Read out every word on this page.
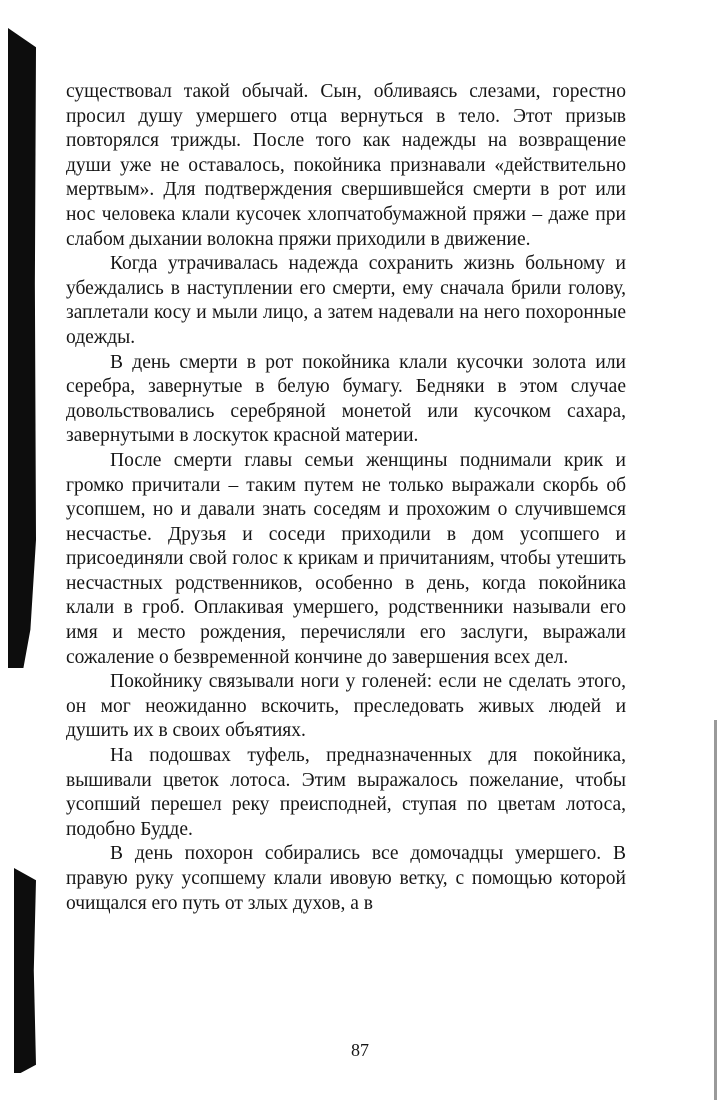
существовал такой обычай. Сын, обливаясь слезами, горестно просил душу умершего отца вернуться в тело. Этот призыв повторялся трижды. После того как надежды на возвращение души уже не оставалось, покойника признавали «действительно мертвым». Для подтверждения свершившейся смерти в рот или нос человека клали кусочек хлопчатобумажной пряжи – даже при слабом дыхании волокна пряжи приходили в движение.

Когда утрачивалась надежда сохранить жизнь больному и убеждались в наступлении его смерти, ему сначала брили голову, заплетали косу и мыли лицо, а затем надевали на него похоронные одежды.

В день смерти в рот покойника клали кусочки золота или серебра, завернутые в белую бумагу. Бедняки в этом случае довольствовались серебряной монетой или кусочком сахара, завернутыми в лоскуток красной материи.

После смерти главы семьи женщины поднимали крик и громко причитали – таким путем не только выражали скорбь об усопшем, но и давали знать соседям и прохожим о случившемся несчастье. Друзья и соседи приходили в дом усопшего и присоединяли свой голос к крикам и причитаниям, чтобы утешить несчастных родственников, особенно в день, когда покойника клали в гроб. Оплакивая умершего, родственники называли его имя и место рождения, перечисляли его заслуги, выражали сожаление о безвременной кончине до завершения всех дел.

Покойнику связывали ноги у голеней: если не сделать этого, он мог неожиданно вскочить, преследовать живых людей и душить их в своих объятиях.

На подошвах туфель, предназначенных для покойника, вышивали цветок лотоса. Этим выражалось пожелание, чтобы усопший перешел реку преисподней, ступая по цветам лотоса, подобно Будде.

В день похорон собирались все домочадцы умершего. В правую руку усопшему клали ивовую ветку, с помощью которой очищался его путь от злых духов, а в

87
